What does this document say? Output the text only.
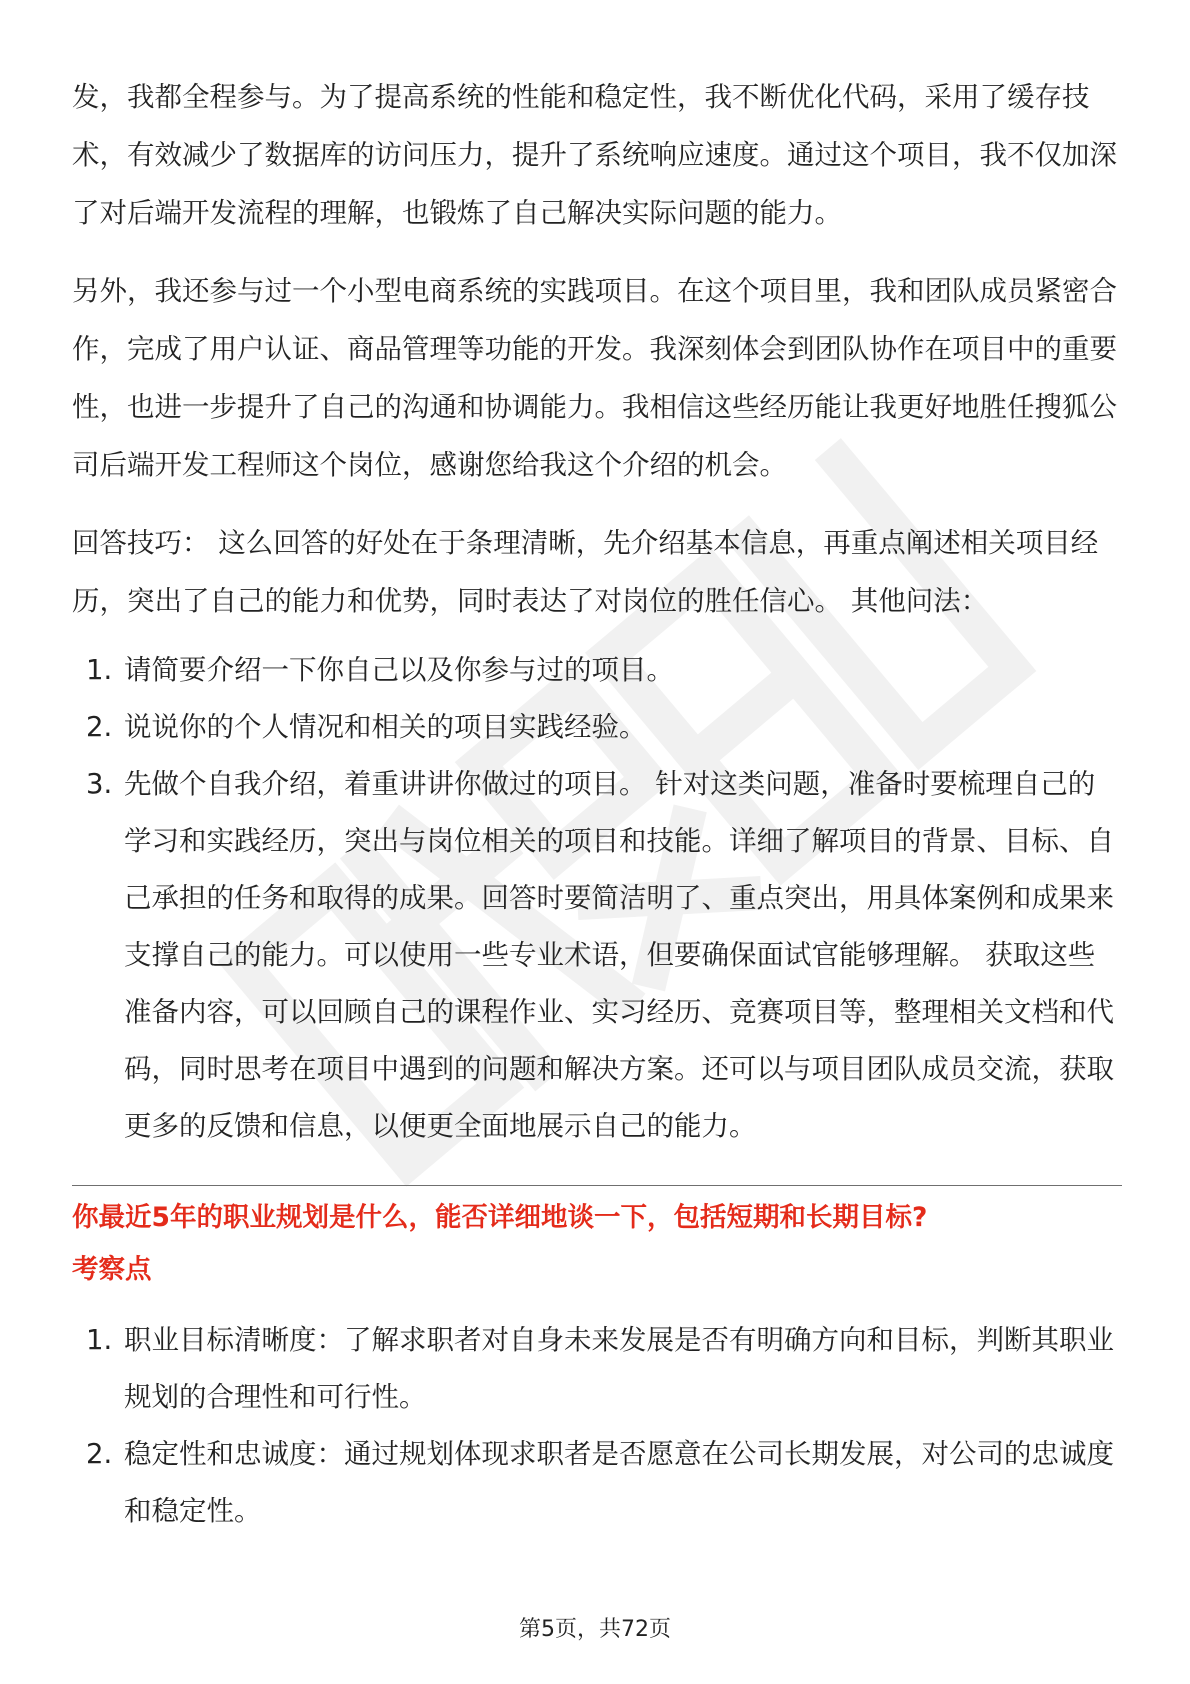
发，我都全程参与。为了提高系统的性能和稳定性，我不断优化代码，采用了缓存技术，有效减少了数据库的访问压力，提升了系统响应速度。通过这个项目，我不仅加深了对后端开发流程的理解，也锻炼了自己解决实际问题的能力。

另外，我还参与过一个小型电商系统的实践项目。在这个项目里，我和团队成员紧密合作，完成了用户认证、商品管理等功能的开发。我深刻体会到团队协作在项目中的重要性，也进一步提升了自己的沟通和协调能力。我相信这些经历能让我更好地胜任搜狐公司后端开发工程师这个岗位，感谢您给我这个介绍的机会。

回答技巧： 这么回答的好处在于条理清晰，先介绍基本信息，再重点阐述相关项目经历，突出了自己的能力和优势，同时表达了对岗位的胜任信心。 其他问法：

1. 请简要介绍一下你自己以及你参与过的项目。
2. 说说你的个人情况和相关的项目实践经验。
3. 先做个自我介绍，着重讲讲你做过的项目。 针对这类问题，准备时要梳理自己的学习和实践经历，突出与岗位相关的项目和技能。详细了解项目的背景、目标、自己承担的任务和取得的成果。回答时要简洁明了、重点突出，用具体案例和成果来支撑自己的能力。可以使用一些专业术语，但要确保面试官能够理解。 获取这些准备内容，可以回顾自己的课程作业、实习经历、竞赛项目等，整理相关文档和代码，同时思考在项目中遇到的问题和解决方案。还可以与项目团队成员交流，获取更多的反馈和信息，以便更全面地展示自己的能力。
你最近5年的职业规划是什么，能否详细地谈一下，包括短期和长期目标?
考察点
1. 职业目标清晰度：了解求职者对自身未来发展是否有明确方向和目标，判断其职业规划的合理性和可行性。
2. 稳定性和忠诚度：通过规划体现求职者是否愿意在公司长期发展，对公司的忠诚度和稳定性。
第5页，共72页
